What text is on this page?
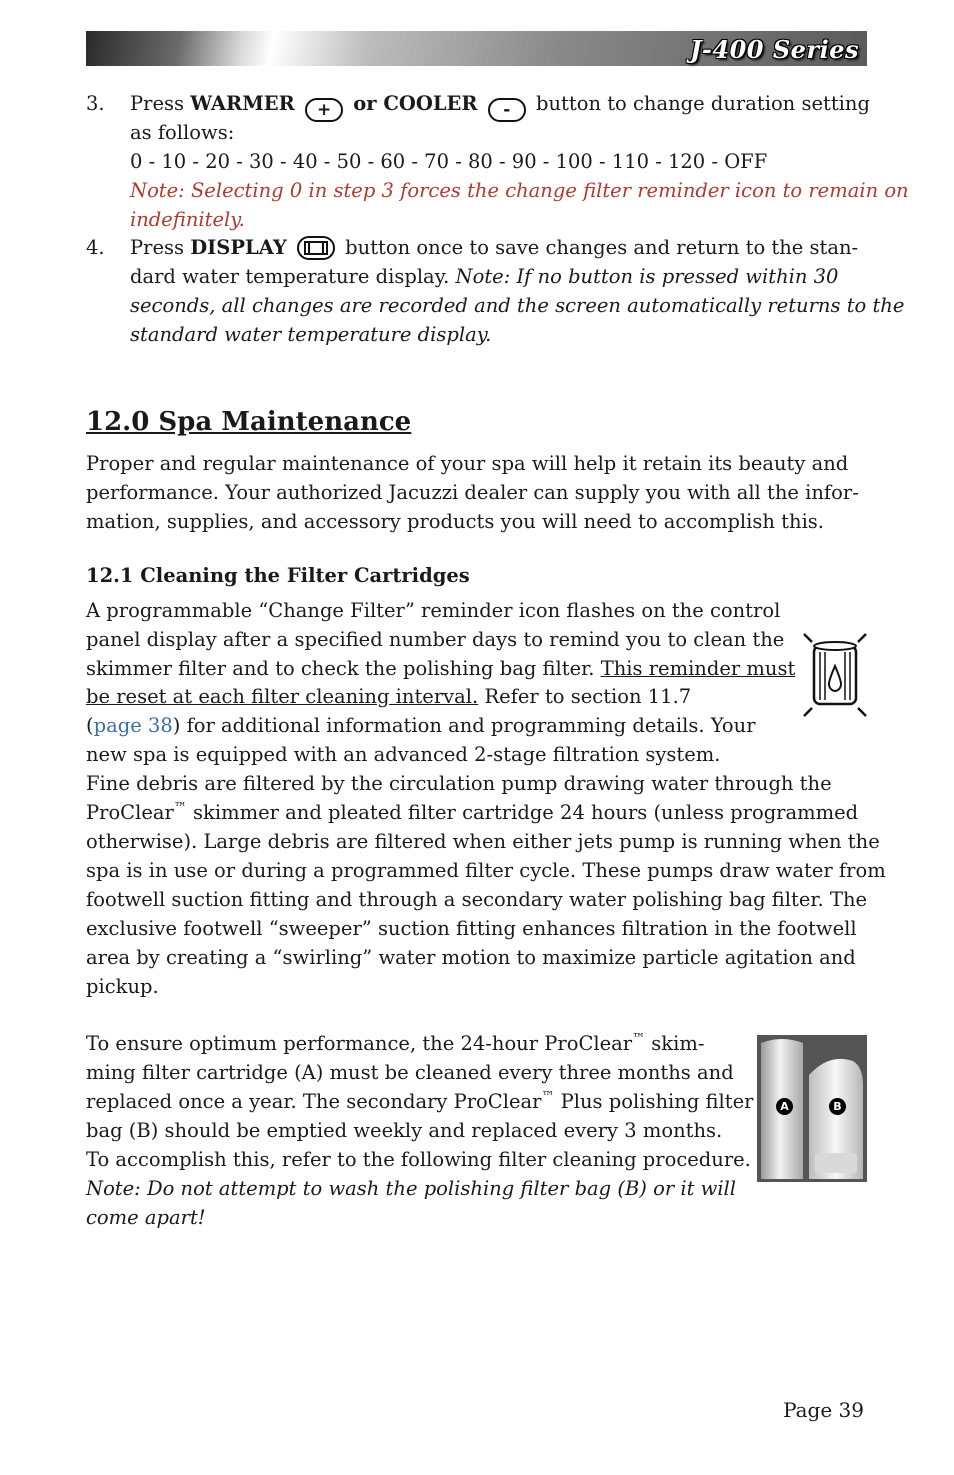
J-400 Series
3. Press WARMER + or COOLER - button to change duration setting
as follows:
0 - 10 - 20 - 30 - 40 - 50 - 60 - 70 - 80 - 90 - 100 - 110 - 120 - OFF
Note: Selecting 0 in step 3 forces the change filter reminder icon to remain on
indefinitely.
4. Press DISPLAY	button once to save changes and return to the stan-
dard water temperature display. Note: If no button is pressed within 30
seconds, all changes are recorded and the screen automatically returns to the
standard water temperature display.
12.0 Spa Maintenance
Proper and regular maintenance of your spa will help it retain its beauty and
performance. Your authorized Jacuzzi dealer can supply you with all the infor-
mation, supplies, and accessory products you will need to accomplish this.
12.1 Cleaning the Filter Cartridges
A programmable “Change Filter” reminder icon flashes on the control
panel display after a specified number days to remind you to clean the
skimmer filter and to check the polishing bag filter. This reminder must
be reset at each filter cleaning interval. Refer to section 11.7
(page 38) for additional information and programming details. Your
new spa is equipped with an advanced 2-stage filtration system.
Fine debris are filtered by the circulation pump drawing water through the
ProClear™ skimmer and pleated filter cartridge 24 hours (unless programmed
otherwise). Large debris are filtered when either jets pump is running when the
spa is in use or during a programmed filter cycle. These pumps draw water from
footwell suction fitting and through a secondary water polishing bag filter. The
exclusive footwell “sweeper” suction fitting enhances filtration in the footwell
area by creating a “swirling” water motion to maximize particle agitation and
pickup.
To ensure optimum performance, the 24-hour ProClear™ skim-
ming filter cartridge (A) must be cleaned every three months and
replaced once a year. The secondary ProClear™ Plus polishing filter
bag (B) should be emptied weekly and replaced every 3 months.
To accomplish this, refer to the following filter cleaning procedure.
Note: Do not attempt to wash the polishing filter bag (B) or it will
come apart!
A	B
Page 39
